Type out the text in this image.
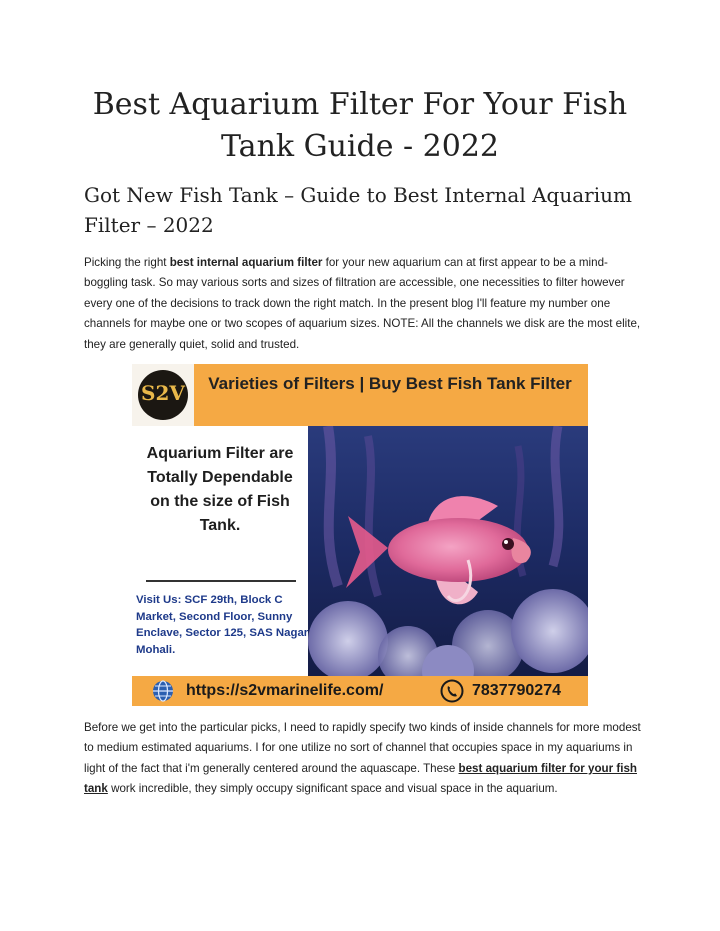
Best Aquarium Filter For Your Fish Tank Guide - 2022
Got New Fish Tank – Guide to Best Internal Aquarium Filter – 2022

Picking the right best internal aquarium filter for your new aquarium can at first appear to be a mind-boggling task. So may various sorts and sizes of filtration are accessible, one necessities to filter however every one of the decisions to track down the right match. In the present blog I'll feature my number one channels for maybe one or two scopes of aquarium sizes. NOTE: All the channels we disk are the most elite, they are generally quiet, solid and trusted.

S2V	Varieties of Filters | Buy Best Fish Tank Filter
Aquarium Filter are Totally Dependable on the size of Fish Tank.
Visit Us: SCF 29th, Block C Market, Second Floor, Sunny Enclave, Sector 125, SAS Nagar Mohali.
https://s2vmarinelife.com/	7837790274

Before we get into the particular picks, I need to rapidly specify two kinds of inside channels for more modest to medium estimated aquariums. I for one utilize no sort of channel that occupies space in my aquariums in light of the fact that i'm generally centered around the aquascape. These best aquarium filter for your fish tank work incredible, they simply occupy significant space and visual space in the aquarium.
